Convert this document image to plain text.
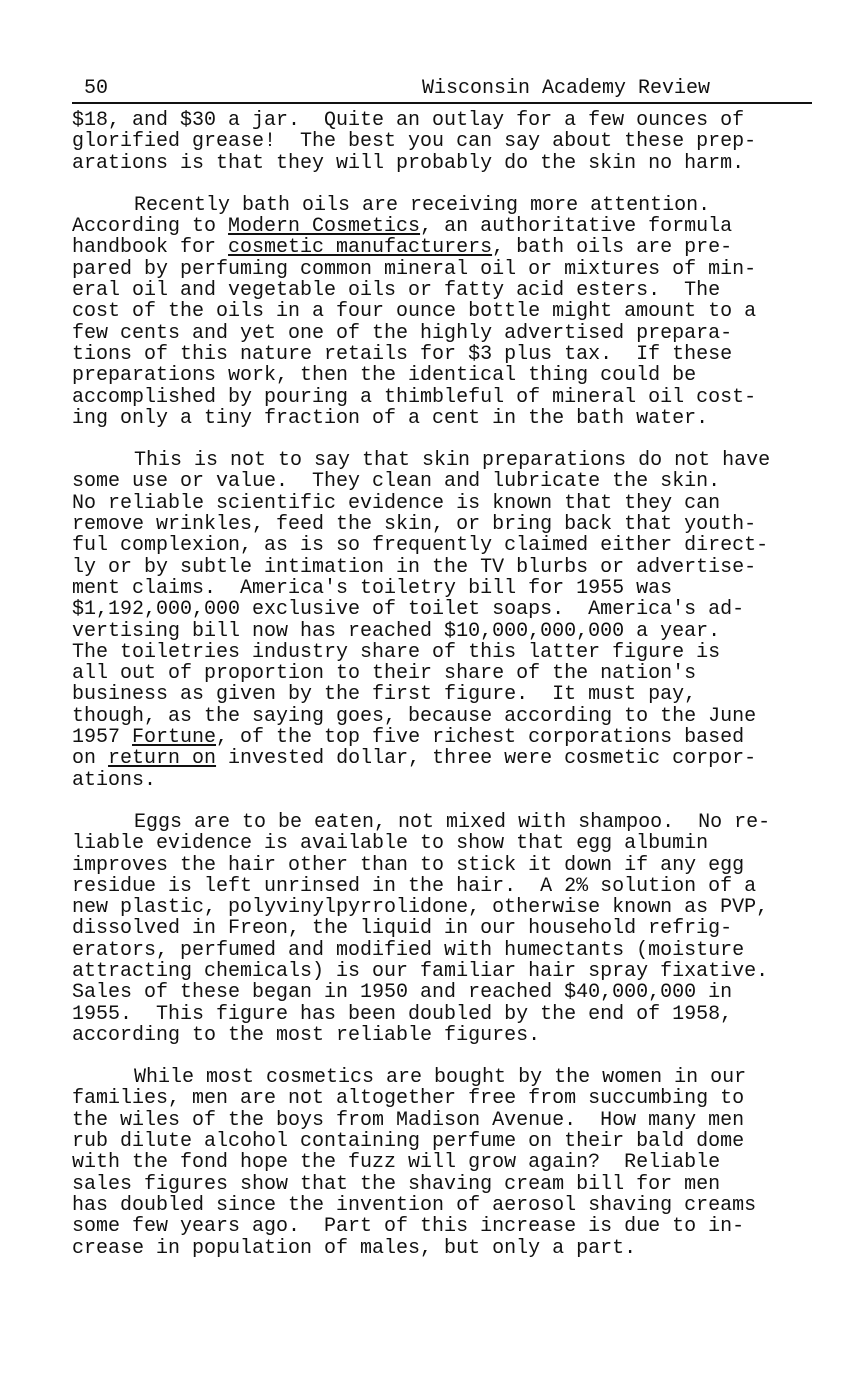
50	Wisconsin Academy Review

$18, and $30 a jar.  Quite an outlay for a few ounces of
glorified grease!  The best you can say about these prep-
arations is that they will probably do the skin no harm.

Recently bath oils are receiving more attention.
According to Modern Cosmetics, an authoritative formula
handbook for cosmetic manufacturers, bath oils are pre-
pared by perfuming common mineral oil or mixtures of min-
eral oil and vegetable oils or fatty acid esters.  The
cost of the oils in a four ounce bottle might amount to a
few cents and yet one of the highly advertised prepara-
tions of this nature retails for $3 plus tax.  If these
preparations work, then the identical thing could be
accomplished by pouring a thimbleful of mineral oil cost-
ing only a tiny fraction of a cent in the bath water.

This is not to say that skin preparations do not have
some use or value.  They clean and lubricate the skin.
No reliable scientific evidence is known that they can
remove wrinkles, feed the skin, or bring back that youth-
ful complexion, as is so frequently claimed either direct-
ly or by subtle intimation in the TV blurbs or advertise-
ment claims.  America's toiletry bill for 1955 was
$1,192,000,000 exclusive of toilet soaps.  America's ad-
vertising bill now has reached $10,000,000,000 a year.
The toiletries industry share of this latter figure is
all out of proportion to their share of the nation's
business as given by the first figure.  It must pay,
though, as the saying goes, because according to the June
1957 Fortune, of the top five richest corporations based
on return on invested dollar, three were cosmetic corpor-
ations.

Eggs are to be eaten, not mixed with shampoo.  No re-
liable evidence is available to show that egg albumin
improves the hair other than to stick it down if any egg
residue is left unrinsed in the hair.  A 2% solution of a
new plastic, polyvinylpyrrolidone, otherwise known as PVP,
dissolved in Freon, the liquid in our household refrig-
erators, perfumed and modified with humectants (moisture
attracting chemicals) is our familiar hair spray fixative.
Sales of these began in 1950 and reached $40,000,000 in
1955.  This figure has been doubled by the end of 1958,
according to the most reliable figures.

While most cosmetics are bought by the women in our
families, men are not altogether free from succumbing to
the wiles of the boys from Madison Avenue.  How many men
rub dilute alcohol containing perfume on their bald dome
with the fond hope the fuzz will grow again?  Reliable
sales figures show that the shaving cream bill for men
has doubled since the invention of aerosol shaving creams
some few years ago.  Part of this increase is due to in-
crease in population of males, but only a part.
